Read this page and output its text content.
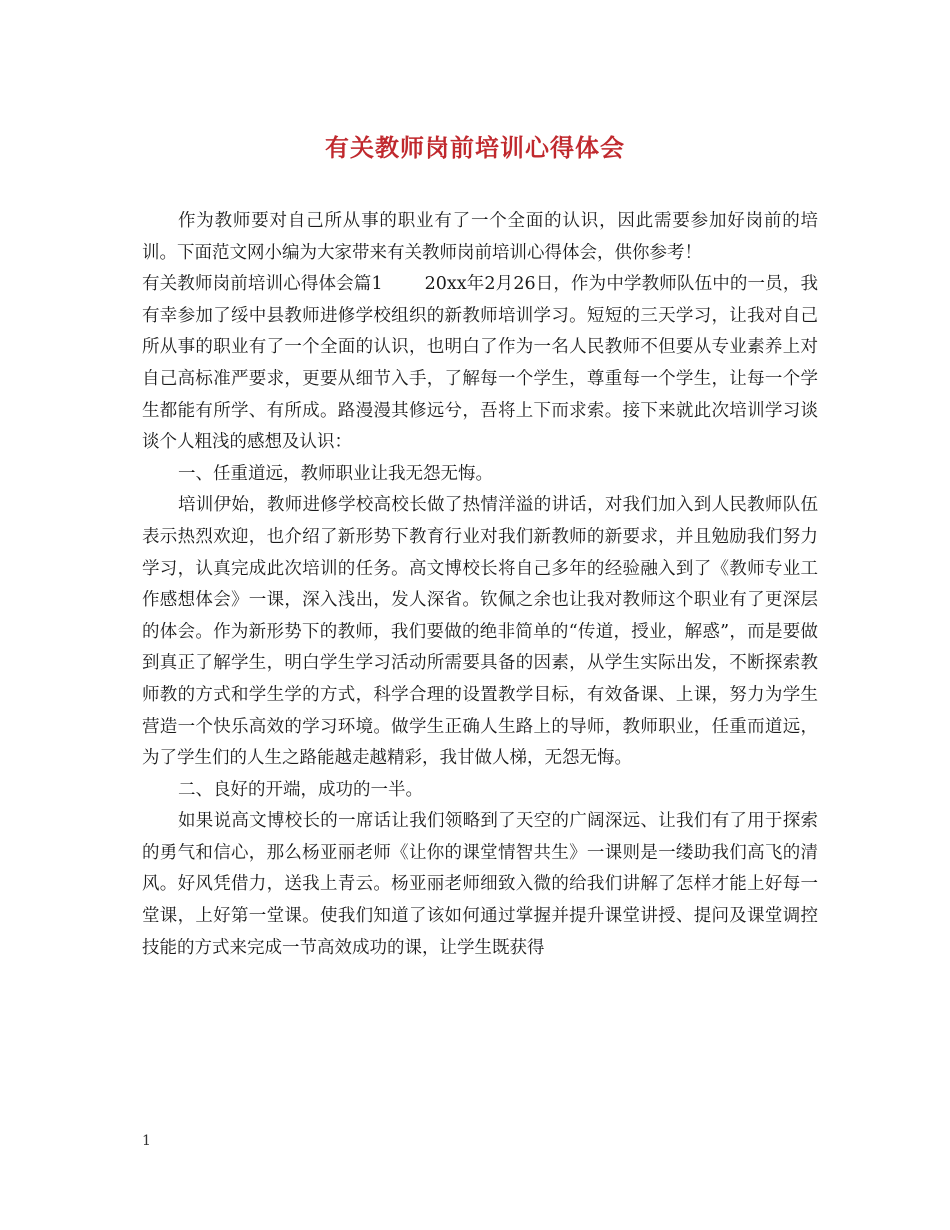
有关教师岗前培训心得体会

作为教师要对自己所从事的职业有了一个全面的认识，因此需要参加好岗前的培训。下面范文网小编为大家带来有关教师岗前培训心得体会，供你参考！

有关教师岗前培训心得体会篇1 20xx年2月26日，作为中学教师队伍中的一员，我有幸参加了绥中县教师进修学校组织的新教师培训学习。短短的三天学习，让我对自己所从事的职业有了一个全面的认识，也明白了作为一名人民教师不但要从专业素养上对自己高标准严要求，更要从细节入手，了解每一个学生，尊重每一个学生，让每一个学生都能有所学、有所成。路漫漫其修远兮，吾将上下而求索。接下来就此次培训学习谈谈个人粗浅的感想及认识：

一、任重道远，教师职业让我无怨无悔。

培训伊始，教师进修学校高校长做了热情洋溢的讲话，对我们加入到人民教师队伍表示热烈欢迎，也介绍了新形势下教育行业对我们新教师的新要求，并且勉励我们努力学习，认真完成此次培训的任务。高文博校长将自己多年的经验融入到了《教师专业工作感想体会》一课，深入浅出，发人深省。钦佩之余也让我对教师这个职业有了更深层的体会。作为新形势下的教师，我们要做的绝非简单的“传道，授业，解惑”，而是要做到真正了解学生，明白学生学习活动所需要具备的因素，从学生实际出发，不断探索教师教的方式和学生学的方式，科学合理的设置教学目标，有效备课、上课，努力为学生营造一个快乐高效的学习环境。做学生正确人生路上的导师，教师职业，任重而道远，为了学生们的人生之路能越走越精彩，我甘做人梯，无怨无悔。

二、良好的开端，成功的一半。

如果说高文博校长的一席话让我们领略到了天空的广阔深远、让我们有了用于探索的勇气和信心，那么杨亚丽老师《让你的课堂情智共生》一课则是一缕助我们高飞的清风。好风凭借力，送我上青云。杨亚丽老师细致入微的给我们讲解了怎样才能上好每一堂课，上好第一堂课。使我们知道了该如何通过掌握并提升课堂讲授、提问及课堂调控技能的方式来完成一节高效成功的课，让学生既获得

1
